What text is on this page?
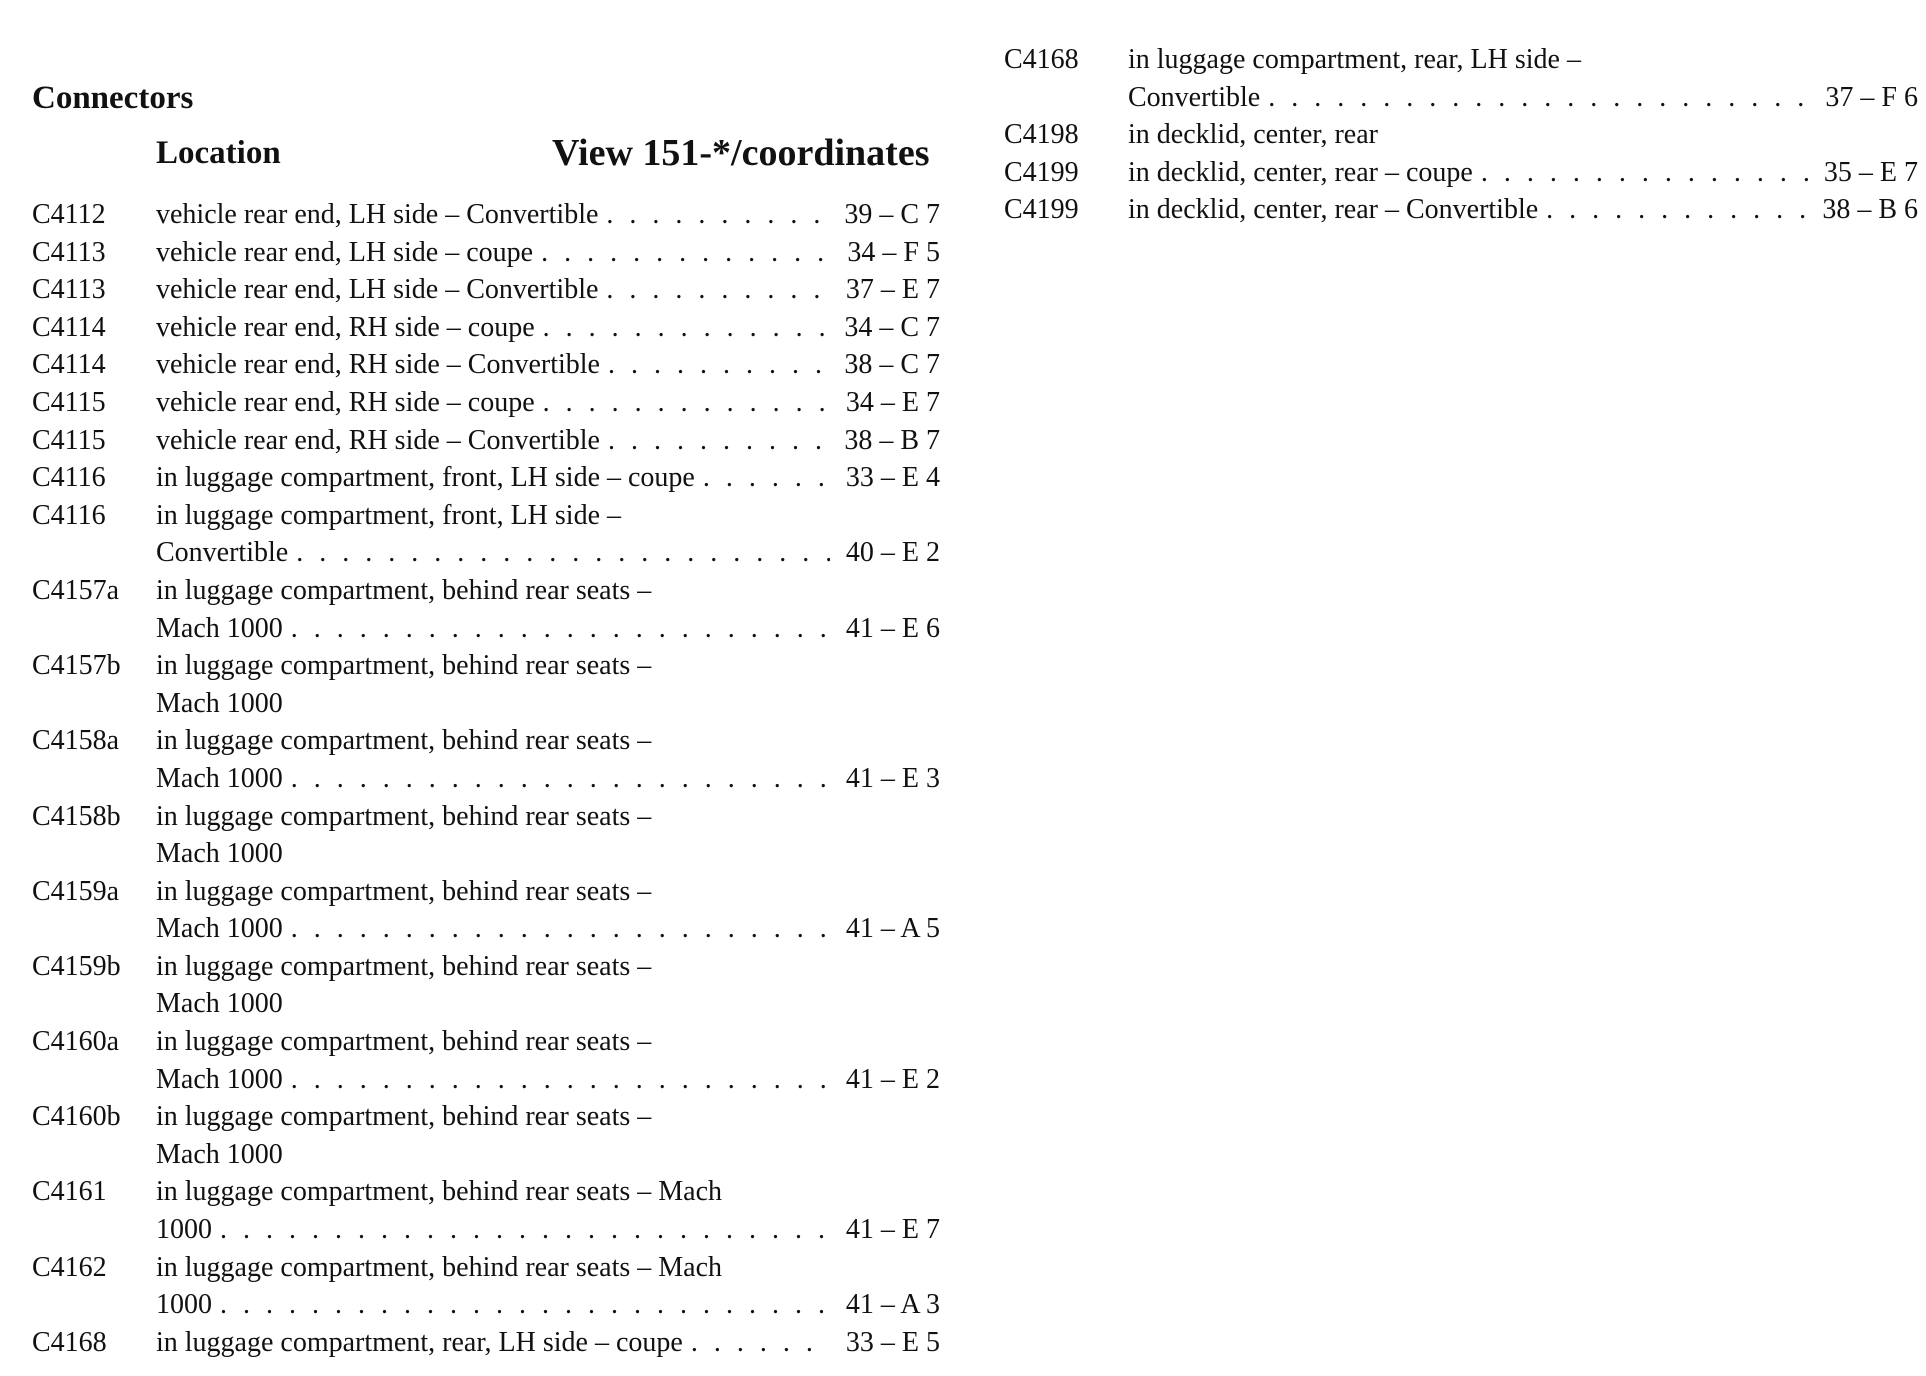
Connectors
Location	View 151-*/coordinates
C4112	vehicle rear end, LH side – Convertible . . .	39 – C 7
C4113	vehicle rear end, LH side – coupe . . .	34 – F 5
C4113	vehicle rear end, LH side – Convertible . . .	37 – E 7
C4114	vehicle rear end, RH side – coupe . . .	34 – C 7
C4114	vehicle rear end, RH side – Convertible . . .	38 – C 7
C4115	vehicle rear end, RH side – coupe . . .	34 – E 7
C4115	vehicle rear end, RH side – Convertible . . .	38 – B 7
C4116	in luggage compartment, front, LH side – coupe . . .	33 – E 4
C4116	in luggage compartment, front, LH side –
Convertible . . .	40 – E 2
C4157a	in luggage compartment, behind rear seats –
Mach 1000 . . .	41 – E 6
C4157b	in luggage compartment, behind rear seats –
Mach 1000
C4158a	in luggage compartment, behind rear seats –
Mach 1000 . . .	41 – E 3
C4158b	in luggage compartment, behind rear seats –
Mach 1000
C4159a	in luggage compartment, behind rear seats –
Mach 1000 . . .	41 – A 5
C4159b	in luggage compartment, behind rear seats –
Mach 1000
C4160a	in luggage compartment, behind rear seats –
Mach 1000 . . .	41 – E 2
C4160b	in luggage compartment, behind rear seats –
Mach 1000
C4161	in luggage compartment, behind rear seats – Mach
1000 . . .	41 – E 7
C4162	in luggage compartment, behind rear seats – Mach
1000 . . .	41 – A 3
C4168	in luggage compartment, rear, LH side – coupe . . .	33 – E 5
C4168	in luggage compartment, rear, LH side –
Convertible . . .	37 – F 6
C4198	in decklid, center, rear
C4199	in decklid, center, rear – coupe . . .	35 – E 7
C4199	in decklid, center, rear – Convertible . . .	38 – B 6
